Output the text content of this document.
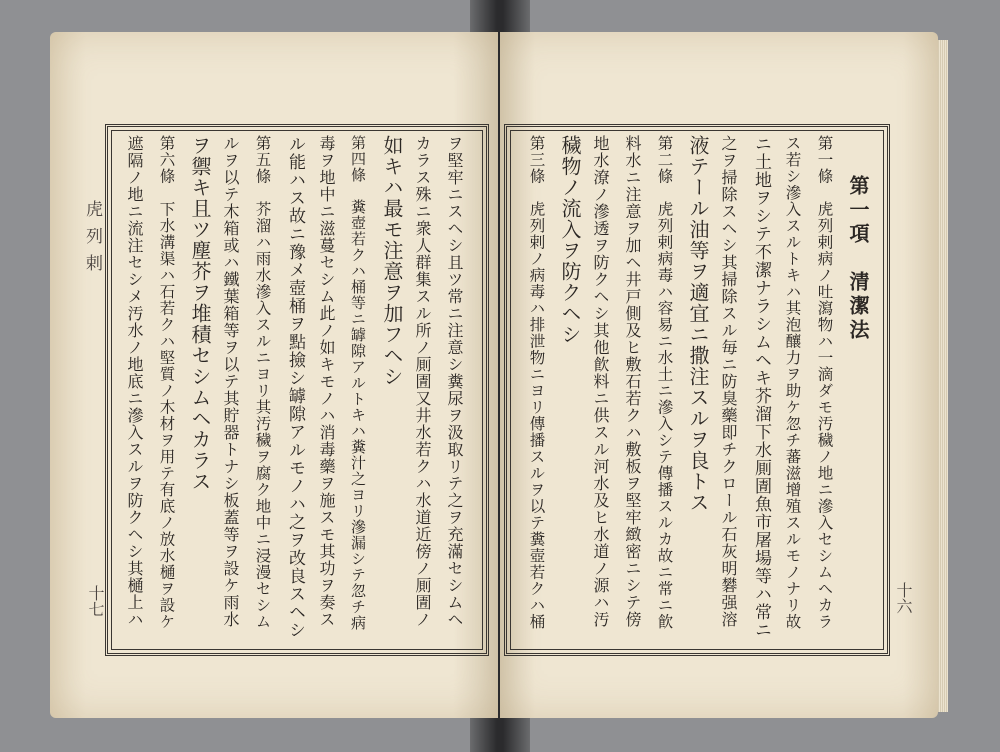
虎列剌
十七	十六
ヲ堅牢ニスヘシ且ツ常ニ注意シ糞尿ヲ汲取リテ之ヲ充滿セシムヘ
カラス殊ニ衆人群集スル所ノ厠圊又井水若クハ水道近傍ノ厠圊ノ
如キハ最モ注意ヲ加フヘシ
第四條　糞壺若クハ桶等ニ罅隙アルトキハ糞汁之ヨリ滲漏シテ忽チ病
毒ヲ地中ニ滋蔓セシム此ノ如キモノハ消毒藥ヲ施スモ其功ヲ奏ス
ル能ハス故ニ豫メ壺桶ヲ點撿シ罅隙アルモノハ之ヲ改良スヘシ
第五條　芥溜ハ雨水滲入スルニヨリ其汚穢ヲ腐ク地中ニ浸漫セシム
ルヲ以テ木箱或ハ鐵葉箱等ヲ以テ其貯器トナシ板蓋等ヲ設ケ雨水
ヲ禦キ且ツ塵芥ヲ堆積セシムヘカラス
第六條　下水溝渠ハ石若クハ堅質ノ木材ヲ用テ有底ノ放水樋ヲ設ケ
遮隔ノ地ニ流注セシメ汚水ノ地底ニ滲入スルヲ防クヘシ其樋上ハ	第一項　清潔法
第一條　虎列剌病ノ吐瀉物ハ一滴ダモ汚穢ノ地ニ滲入セシムヘカラ
ス若シ滲入スルトキハ其泡釀力ヲ助ケ忽チ蕃滋增殖スルモノナリ故
ニ土地ヲシテ不潔ナラシムヘキ芥溜下水厠圊魚市屠場等ハ常ニ
之ヲ掃除スヘシ其掃除スル毎ニ防臭藥即チクロール石灰明礬强溶
液テール油等ヲ適宜ニ撒注スルヲ良トス
第二條　虎列剌病毒ハ容易ニ水土ニ滲入シテ傳播スルカ故ニ常ニ飮
料水ニ注意ヲ加ヘ井戸側及ヒ敷石若クハ敷板ヲ堅牢緻密ニシテ傍
地水潦ノ滲透ヲ防クヘシ其他飮料ニ供スル河水及ヒ水道ノ源ハ汚
穢物ノ流入ヲ防クヘシ
第三條　虎列剌ノ病毒ハ排泄物ニヨリ傳播スルヲ以テ糞壺若クハ桶
